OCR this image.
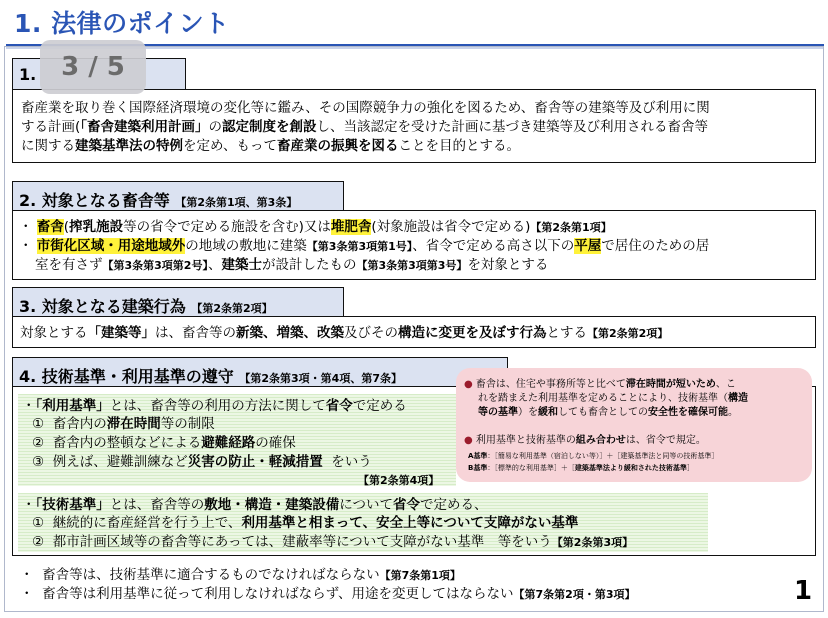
1. 法律のポイント
1.
畜産業を取り巻く国際経済環境の変化等に鑑み、その国際競争力の強化を図るため、畜舎等の建築等及び利用に関
する計画(「畜舎建築利用計画」の認定制度を創設し、当該認定を受けた計画に基づき建築等及び利用される畜舎等
に関する建築基準法の特例を定め、もって畜産業の振興を図ることを目的とする。
3 / 5
2. 対象となる畜舎等 【第2条第1項、第3条】
・ 畜舎(搾乳施設等の省令で定める施設を含む)又は堆肥舎(対象施設は省令で定める)【第2条第1項】
・ 市街化区域・用途地域外の地域の敷地に建築【第3条第3項第1号】、省令で定める高さ以下の平屋で居住のための居
室を有さず【第3条第3項第2号】、建築士が設計したもの【第3条第3項第3号】を対象とする
3. 対象となる建築行為 【第2条第2項】
対象とする「建築等」は、畜舎等の新築、増築、改築及びその構造に変更を及ぼす行為とする【第2条第2項】
4. 技術基準・利用基準の遵守 【第2条第3項・第4項、第7条】
・「利用基準」とは、畜舎等の利用の方法に関して省令で定める
① 畜舎内の滞在時間等の制限
② 畜舎内の整頓などによる避難経路の確保
③ 例えば、避難訓練など災害の防止・軽減措置 をいう
【第2条第4項】
● 畜舎は、住宅や事務所等と比べて滞在時間が短いため、こ
れを踏まえた利用基準を定めることにより、技術基準（構造
等の基準）を緩和しても畜舎としての安全性を確保可能。
● 利用基準と技術基準の組み合わせは、省令で規定。
A基準：［簡易な利用基準（宿泊しない等）］＋［建築基準法と同等の技術基準］
B基準：［標準的な利用基準］＋［建築基準法より緩和された技術基準］
・「技術基準」とは、畜舎等の敷地・構造・建築設備について省令で定める、
① 継続的に畜産経営を行う上で、利用基準と相まって、安全上等について支障がない基準
② 都市計画区域等の畜舎等にあっては、建蔽率等について支障がない基準　等をいう【第2条第3項】
・ 畜舎等は、技術基準に適合するものでなければならない【第7条第1項】
・ 畜舎等は利用基準に従って利用しなければならず、用途を変更してはならない【第7条第2項・第3項】	1
